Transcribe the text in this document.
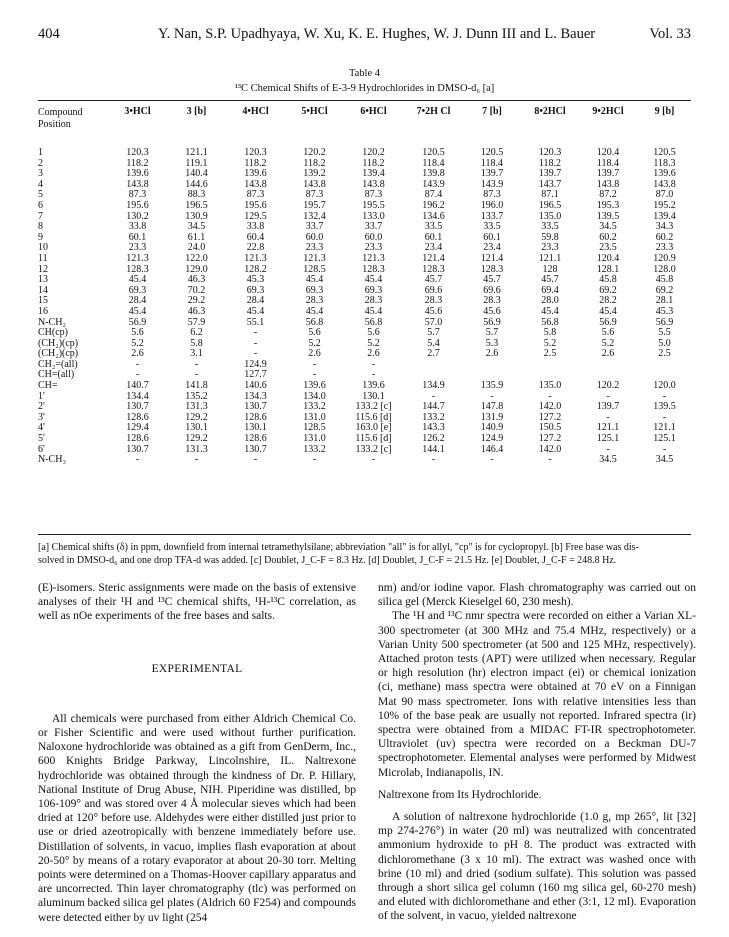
404	Y. Nan, S.P. Upadhyaya, W. Xu, K. E. Hughes, W. J. Dunn III and L. Bauer	Vol. 33
Table 4
¹³C Chemical Shifts of E-3-9 Hydrochlorides in DMSO-d₆ [a]
Compound
Position	3•HCl	3 [b]	4•HCl	5•HCl	6•HCl	7•2H Cl	7 [b]	8•2HCl	9•2HCl	9 [b]

1	120.3	121.1	120.3	120.2	120.2	120.5	120.5	120.3	120.4	120.5
2	118.2	119.1	118.2	118.2	118.2	118.4	118.4	118.2	118.4	118.3
3	139.6	140.4	139.6	139.2	139.4	139.8	139.7	139.7	139.7	139.6
4	143.8	144.6	143.8	143.8	143.8	143.9	143.9	143.7	143.8	143.8
5	87.3	88.3	87.3	87.3	87.3	87.4	87.3	87.1	87.2	87.0
6	195.6	196.5	195.6	195.7	195.5	196.2	196.0	196.5	195.3	195.2
7	130.2	130.9	129.5	132.4	133.0	134.6	133.7	135.0	139.5	139.4
8	33.8	34.5	33.8	33.7	33.7	33.5	33.5	33.5	34.5	34.3
9	60.1	61.1	60.4	60.0	60.0	60.1	60.1	59.8	60.2	60.2
10	23.3	24.0	22.8	23.3	23.3	23.4	23.4	23.3	23.5	23.3
11	121.3	122.0	121.3	121.3	121.3	121.4	121.4	121.1	120.4	120.9
12	128.3	129.0	128.2	128.5	128.3	128.3	128.3	128	128.1	128.0
13	45.4	46.3	45.3	45.4	45.4	45.7	45.7	45.7	45.8	45.8
14	69.3	70.2	69.3	69.3	69.3	69.6	69.6	69.4	69.2	69.2
15	28.4	29.2	28.4	28.3	28.3	28.3	28.3	28.0	28.2	28.1
16	45.4	46.3	45.4	45.4	45.4	45.6	45.6	45.4	45.4	45.3
N-CH₂	56.9	57.9	55.1	56.8	56.8	57.0	56.9	56.8	56.9	56.9
CH(cp)	5.6	6.2	-	5.6	5.6	5.7	5.7	5.8	5.6	5.5
(CH₂)(cp)	5.2	5.8	-	5.2	5.2	5.4	5.3	5.2	5.2	5.0
(CH₂)(cp)	2.6	3.1	-	2.6	2.6	2.7	2.6	2.5	2.6	2.5
CH₂=(all)	-	-	124.9	-	-					
CH=(all)	-	-	127.7	-	-					
CH=	140.7	141.8	140.6	139.6	139.6	134.9	135.9	135.0	120.2	120.0
1'	134.4	135.2	134.3	134.0	130.1	-	-	-	-	-
2'	130.7	131.3	130.7	133.2	133.2 [c]	144.7	147.8	142.0	139.7	139.5
3'	128.6	129.2	128.6	131.0	115.6 [d]	133.2	131.9	127.2	-	-
4'	129.4	130.1	130.1	128.5	163.0 [e]	143.3	140.9	150.5	121.1	121.1
5'	128.6	129.2	128.6	131.0	115.6 [d]	126.2	124.9	127.2	125.1	125.1
6'	130.7	131.3	130.7	133.2	133.2 [c]	144.1	146.4	142.0	-	-
N-CH₃	-	-	-	-	-	-	-	-	34.5	34.5
[a] Chemical shifts (δ) in ppm, downfield from internal tetramethylsilane; abbreviation "all" is for allyl, "cp" is for cyclopropyl. [b] Free base was dis-
solved in DMSO-d₆ and one drop TFA-d was added. [c] Doublet, J_C-F = 8.3 Hz. [d] Doublet, J_C-F = 21.5 Hz. [e] Doublet, J_C-F = 248.8 Hz.

(E)-isomers. Steric assignments were made on the basis of extensive analyses of their ¹H and ¹³C chemical shifts, ¹H-¹³C correlation, as well as nOe experiments of the free bases and salts.

EXPERIMENTAL

All chemicals were purchased from either Aldrich Chemical Co. or Fisher Scientific and were used without further purification. Naloxone hydrochloride was obtained as a gift from GenDerm, Inc., 600 Knights Bridge Parkway, Lincolnshire, IL. Naltrexone hydrochloride was obtained through the kindness of Dr. P. Hillary, National Institute of Drug Abuse, NIH. Piperidine was distilled, bp 106-109° and was stored over 4 Å molecular sieves which had been dried at 120° before use. Aldehydes were either distilled just prior to use or dried azeotropically with benzene immediately before use. Distillation of solvents, in vacuo, implies flash evaporation at about 20-50° by means of a rotary evaporator at about 20-30 torr. Melting points were determined on a Thomas-Hoover capillary apparatus and are uncorrected. Thin layer chromatography (tlc) was performed on aluminum backed silica gel plates (Aldrich 60 F254) and compounds were detected either by uv light (254

nm) and/or iodine vapor. Flash chromatography was carried out on silica gel (Merck Kieselgel 60, 230 mesh).

The ¹H and ¹³C nmr spectra were recorded on either a Varian XL-300 spectrometer (at 300 MHz and 75.4 MHz, respectively) or a Varian Unity 500 spectrometer (at 500 and 125 MHz, respectively). Attached proton tests (APT) were utilized when necessary. Regular or high resolution (hr) electron impact (ei) or chemical ionization (ci, methane) mass spectra were obtained at 70 eV on a Finnigan Mat 90 mass spectrometer. Ions with relative intensities less than 10% of the base peak are usually not reported. Infrared spectra (ir) spectra were obtained from a MIDAC FT-IR spectrophotometer. Ultraviolet (uv) spectra were recorded on a Beckman DU-7 spectrophotometer. Elemental analyses were performed by Midwest Microlab, Indianapolis, IN.

Naltrexone from Its Hydrochloride.

A solution of naltrexone hydrochloride (1.0 g, mp 265°, lit [32] mp 274-276°) in water (20 ml) was neutralized with concentrated ammonium hydroxide to pH 8. The product was extracted with dichloromethane (3 x 10 ml). The extract was washed once with brine (10 ml) and dried (sodium sulfate). This solution was passed through a short silica gel column (160 mg silica gel, 60-270 mesh) and eluted with dichloromethane and ether (3:1, 12 ml). Evaporation of the solvent, in vacuo, yielded naltrexone
